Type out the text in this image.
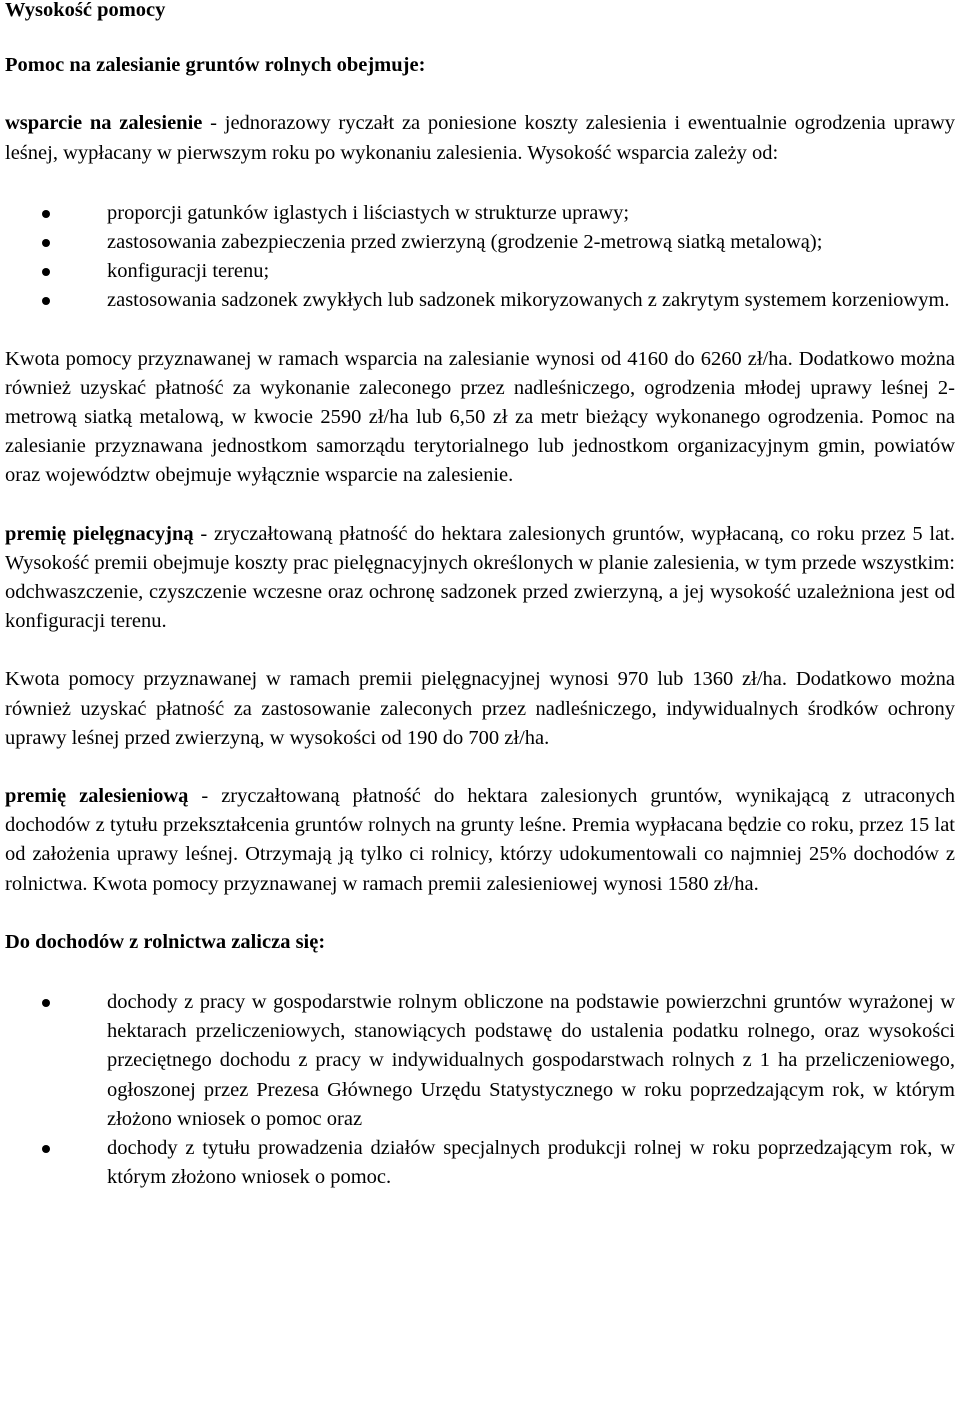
Wysokość pomocy

Pomoc na zalesianie gruntów rolnych obejmuje:

wsparcie na zalesienie - jednorazowy ryczałt za poniesione koszty zalesienia i ewentualnie ogrodzenia uprawy leśnej, wypłacany w pierwszym roku po wykonaniu zalesienia. Wysokość wsparcia zależy od:

proporcji gatunków iglastych i liściastych w strukturze uprawy;
zastosowania zabezpieczenia przed zwierzyną (grodzenie 2-metrową siatką metalową);
konfiguracji terenu;
zastosowania sadzonek zwykłych lub sadzonek mikoryzowanych z zakrytym systemem korzeniowym.

Kwota pomocy przyznawanej w ramach wsparcia na zalesianie wynosi od 4160 do 6260 zł/ha. Dodatkowo można również uzyskać płatność za wykonanie zaleconego przez nadleśniczego, ogrodzenia młodej uprawy leśnej 2-metrową siatką metalową, w kwocie 2590 zł/ha lub 6,50 zł za metr bieżący wykonanego ogrodzenia. Pomoc na zalesianie przyznawana jednostkom samorządu terytorialnego lub jednostkom organizacyjnym gmin, powiatów oraz województw obejmuje wyłącznie wsparcie na zalesienie.

premię pielęgnacyjną - zryczałtowaną płatność do hektara zalesionych gruntów, wypłacaną, co roku przez 5 lat. Wysokość premii obejmuje koszty prac pielęgnacyjnych określonych w planie zalesienia, w tym przede wszystkim: odchwaszczenie, czyszczenie wczesne oraz ochronę sadzonek przed zwierzyną, a jej wysokość uzależniona jest od konfiguracji terenu.

Kwota pomocy przyznawanej w ramach premii pielęgnacyjnej wynosi 970 lub 1360 zł/ha. Dodatkowo można również uzyskać płatność za zastosowanie zaleconych przez nadleśniczego, indywidualnych środków ochrony uprawy leśnej przed zwierzyną, w wysokości od 190 do 700 zł/ha.

premię zalesieniową - zryczałtowaną płatność do hektara zalesionych gruntów, wynikającą z utraconych dochodów z tytułu przekształcenia gruntów rolnych na grunty leśne. Premia wypłacana będzie co roku, przez 15 lat od założenia uprawy leśnej. Otrzymają ją tylko ci rolnicy, którzy udokumentowali co najmniej 25% dochodów z rolnictwa. Kwota pomocy przyznawanej w ramach premii zalesieniowej wynosi 1580 zł/ha.

Do dochodów z rolnictwa zalicza się:

dochody z pracy w gospodarstwie rolnym obliczone na podstawie powierzchni gruntów wyrażonej w hektarach przeliczeniowych, stanowiących podstawę do ustalenia podatku rolnego, oraz wysokości przeciętnego dochodu z pracy w indywidualnych gospodarstwach rolnych z 1 ha przeliczeniowego, ogłoszonej przez Prezesa Głównego Urzędu Statystycznego w roku poprzedzającym rok, w którym złożono wniosek o pomoc oraz
dochody z tytułu prowadzenia działów specjalnych produkcji rolnej w roku poprzedzającym rok, w którym złożono wniosek o pomoc.
